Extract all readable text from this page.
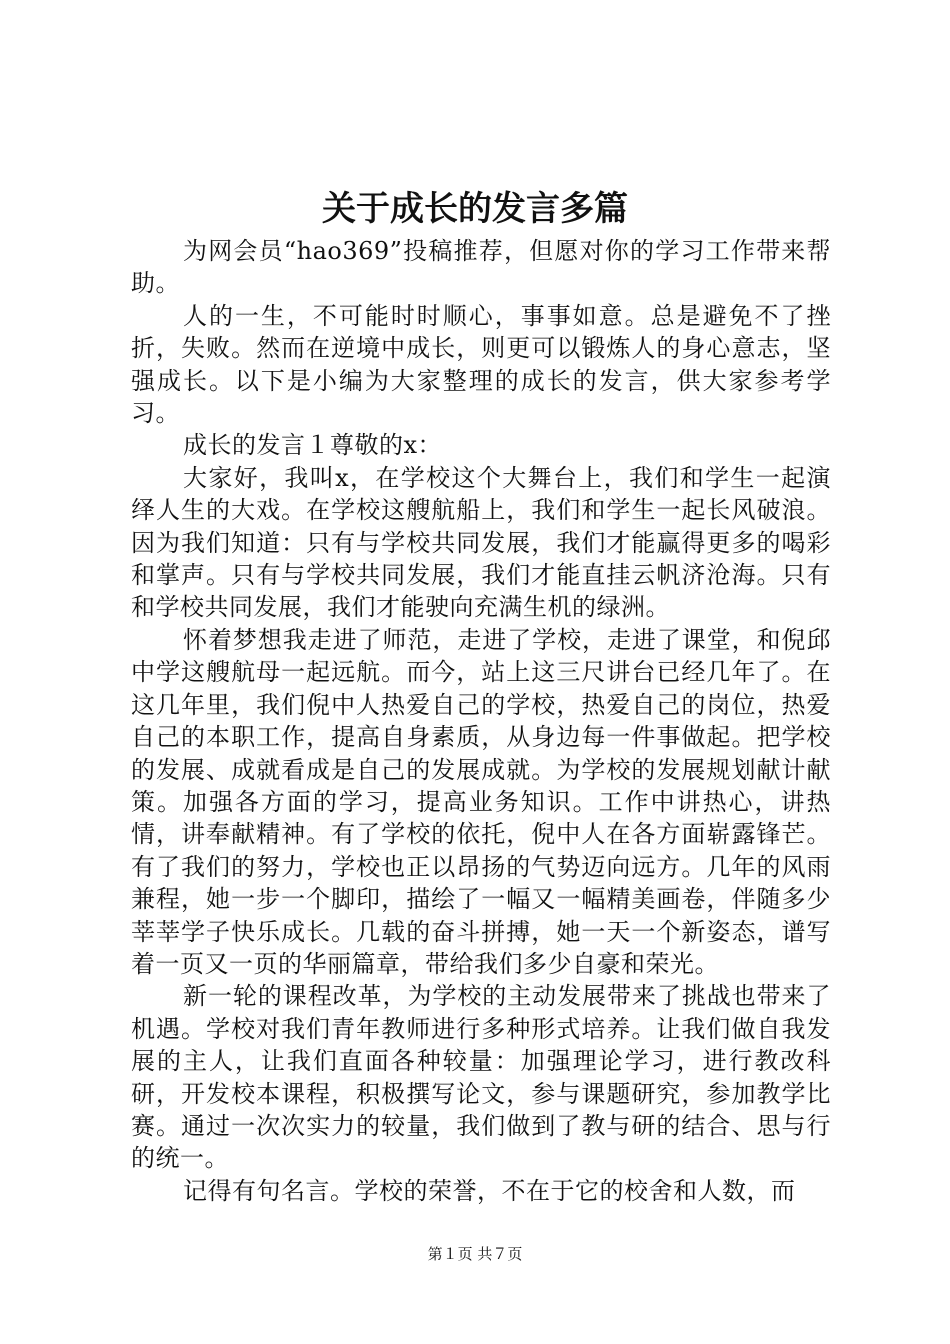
关于成长的发言多篇

为网会员“hao369”投稿推荐，但愿对你的学习工作带来帮助。

人的一生，不可能时时顺心，事事如意。总是避免不了挫折，失败。然而在逆境中成长，则更可以锻炼人的身心意志，坚强成长。以下是小编为大家整理的成长的发言，供大家参考学习。

成长的发言１尊敬的x：

大家好，我叫x，在学校这个大舞台上，我们和学生一起演绎人生的大戏。在学校这艘航船上，我们和学生一起长风破浪。因为我们知道：只有与学校共同发展，我们才能赢得更多的喝彩和掌声。只有与学校共同发展，我们才能直挂云帆济沧海。只有和学校共同发展，我们才能驶向充满生机的绿洲。

怀着梦想我走进了师范，走进了学校，走进了课堂，和倪邱中学这艘航母一起远航。而今，站上这三尺讲台已经几年了。在这几年里，我们倪中人热爱自己的学校，热爱自己的岗位，热爱自己的本职工作，提高自身素质，从身边每一件事做起。把学校的发展、成就看成是自己的发展成就。为学校的发展规划献计献策。加强各方面的学习，提高业务知识。工作中讲热心，讲热情，讲奉献精神。有了学校的依托，倪中人在各方面崭露锋芒。有了我们的努力，学校也正以昂扬的气势迈向远方。几年的风雨兼程，她一步一个脚印，描绘了一幅又一幅精美画卷，伴随多少莘莘学子快乐成长。几载的奋斗拼搏，她一天一个新姿态，谱写着一页又一页的华丽篇章，带给我们多少自豪和荣光。

新一轮的课程改革，为学校的主动发展带来了挑战也带来了机遇。学校对我们青年教师进行多种形式培养。让我们做自我发展的主人，让我们直面各种较量：加强理论学习，进行教改科研，开发校本课程，积极撰写论文，参与课题研究，参加教学比赛。通过一次次实力的较量，我们做到了教与研的结合、思与行的统一。

记得有句名言。学校的荣誉，不在于它的校舍和人数，而

第１页 共７页
